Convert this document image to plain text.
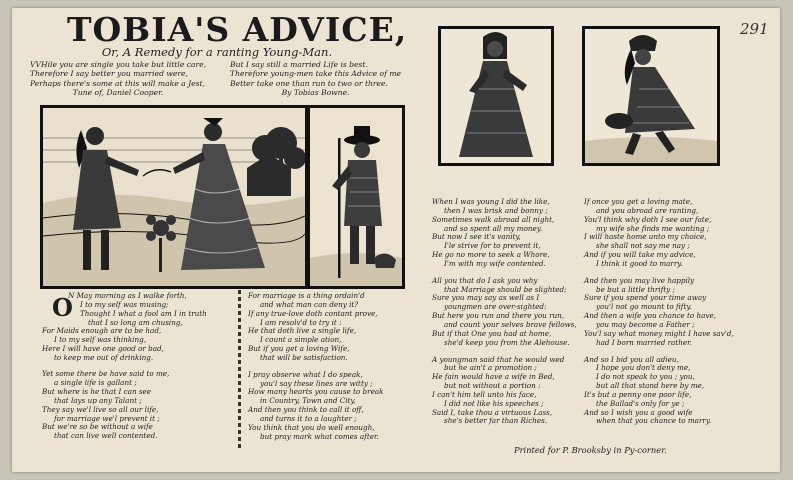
291
TOBIA'S ADVICE,
Or, A Remedy for a ranting Young-Man.
VVHile you are single you take but little care,
Therefore I say better you married were,
Perhaps there's some at this will make a Jest,
Tune of, Daniel Cooper.
But I say still a married Life is best.
Therefore young-men take this Advice of me
Better take one than run to two or three.
By Tobias Bowne.
O
N May morning as I walke forth,
I to my self was musing;
Thought I what a fool am I in truth
that I so long am chusing,
For Maids enough are to be had,
I to my self was thinking,
Here I will have one good or bad,
to keep me out of drinking.
Yet some there be have said to me,
a single life is gallant ;
But where is he that I can see
that lays up any Talant ;
They say we'l live so all our life,
for marriage we'l prevent it ;
But we're so be without a wife
that can live well contented.
For marriage is a thing ordain'd
and what man can deny it?
If any true-love doth contant prove,
I am resolv'd to try it :
He that doth live a single life,
I count a simple ation,
But if you get a loving Wife,
that will be satisfaction.
I pray observe what I do speak,
you'l say these lines are witty ;
How many hearts you cause to break
in Country, Town and City,
And then you think to call it off,
and turns it to a laughter ;
You think that you do well enough,
but pray mark what comes after.
When I was young I did the like,
then I was brisk and bonny ;
Sometimes walk abroad all night,
and so spent all my money.
But now I see it's vanity,
I'le strive for to prevent it,
He go no more to seek a Whore,
I'm with my wife contented.
All you that do I ask you why
that Marriage should be slighted;
Sure you may say as well as I
youngmen are over-sighted:
But here you run and there you run,
and count your selves brave fellows,
But if that One you had at home,
she'd keep you from the Alehouse.
A youngman said that he would wed
but he ain't a promotion ;
He fain would have a wife in Bed,
but not without a portion :
I can't him tell unto his face,
I did not like his speeches ;
Said I, take thou a virtuous Lass,
she's better far than Riches.
If once you get a loving mate,
and you abroad are ranting,
You'l think why doth I see our fate,
my wife she finds me wanting ;
I will haste home unto my choice,
she shall not say me nay ;
And if you will take my advice,
I think it good to marry.
And then you may live happily
be but a little thrifty ;
Sure if you spend your time away
you'l not go mount to fifty.
And then a wife you chance to have,
you may become a Father ;
You'l say what money might I have sav'd,
had I born married rather.
And so I bid you all adieu,
I hope you don't deny me,
I do not speak to you ; you,
but all that stand here by me,
It's but a penny one poor life,
the Ballad's only for ye ;
And so I wish you a good wife
when that you chance to marry.
Printed for P. Brooksby in Py-corner.
